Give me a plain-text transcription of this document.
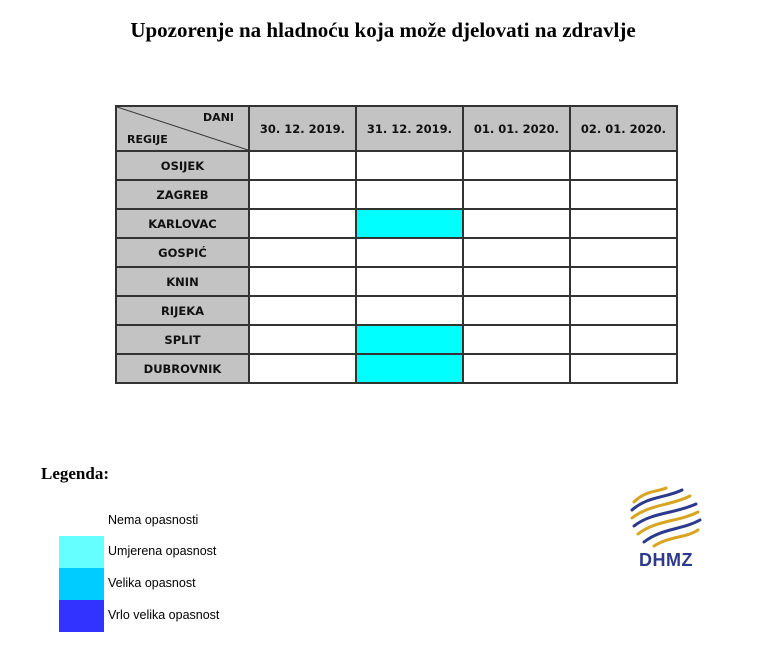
Upozorenje na hladnoću koja može djelovati na zdravlje
DANI
REGIJE	30. 12. 2019.	31. 12. 2019.	01. 01. 2020.	02. 01. 2020.
OSIJEK				
ZAGREB				
KARLOVAC				
GOSPIĆ				
KNIN				
RIJEKA				
SPLIT				
DUBROVNIK				
Legenda:
Nema opasnosti
Umjerena opasnost
Velika opasnost
Vrlo velika opasnost
DHMZ
